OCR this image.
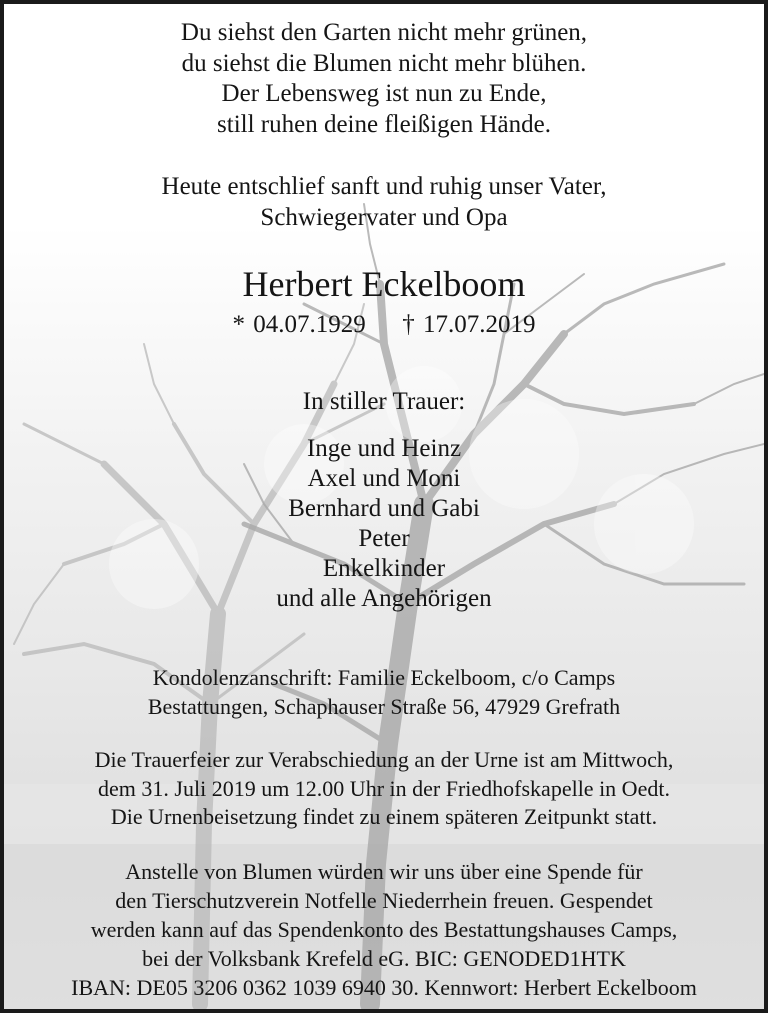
Du siehst den Garten nicht mehr grünen,
du siehst die Blumen nicht mehr blühen.
Der Lebensweg ist nun zu Ende,
still ruhen deine fleißigen Hände.
Heute entschlief sanft und ruhig unser Vater,
Schwiegervater und Opa
Herbert Eckelboom
* 04.07.1929 † 17.07.2019
In stiller Trauer:
Inge und Heinz
Axel und Moni
Bernhard und Gabi
Peter
Enkelkinder
und alle Angehörigen
Kondolenzanschrift: Familie Eckelboom, c/o Camps
Bestattungen, Schaphauser Straße 56, 47929 Grefrath
Die Trauerfeier zur Verabschiedung an der Urne ist am Mittwoch,
dem 31. Juli 2019 um 12.00 Uhr in der Friedhofskapelle in Oedt.
Die Urnenbeisetzung findet zu einem späteren Zeitpunkt statt.
Anstelle von Blumen würden wir uns über eine Spende für
den Tierschutzverein Notfelle Niederrhein freuen. Gespendet
werden kann auf das Spendenkonto des Bestattungshauses Camps,
bei der Volksbank Krefeld eG. BIC: GENODED1HTK
IBAN: DE05 3206 0362 1039 6940 30. Kennwort: Herbert Eckelboom
